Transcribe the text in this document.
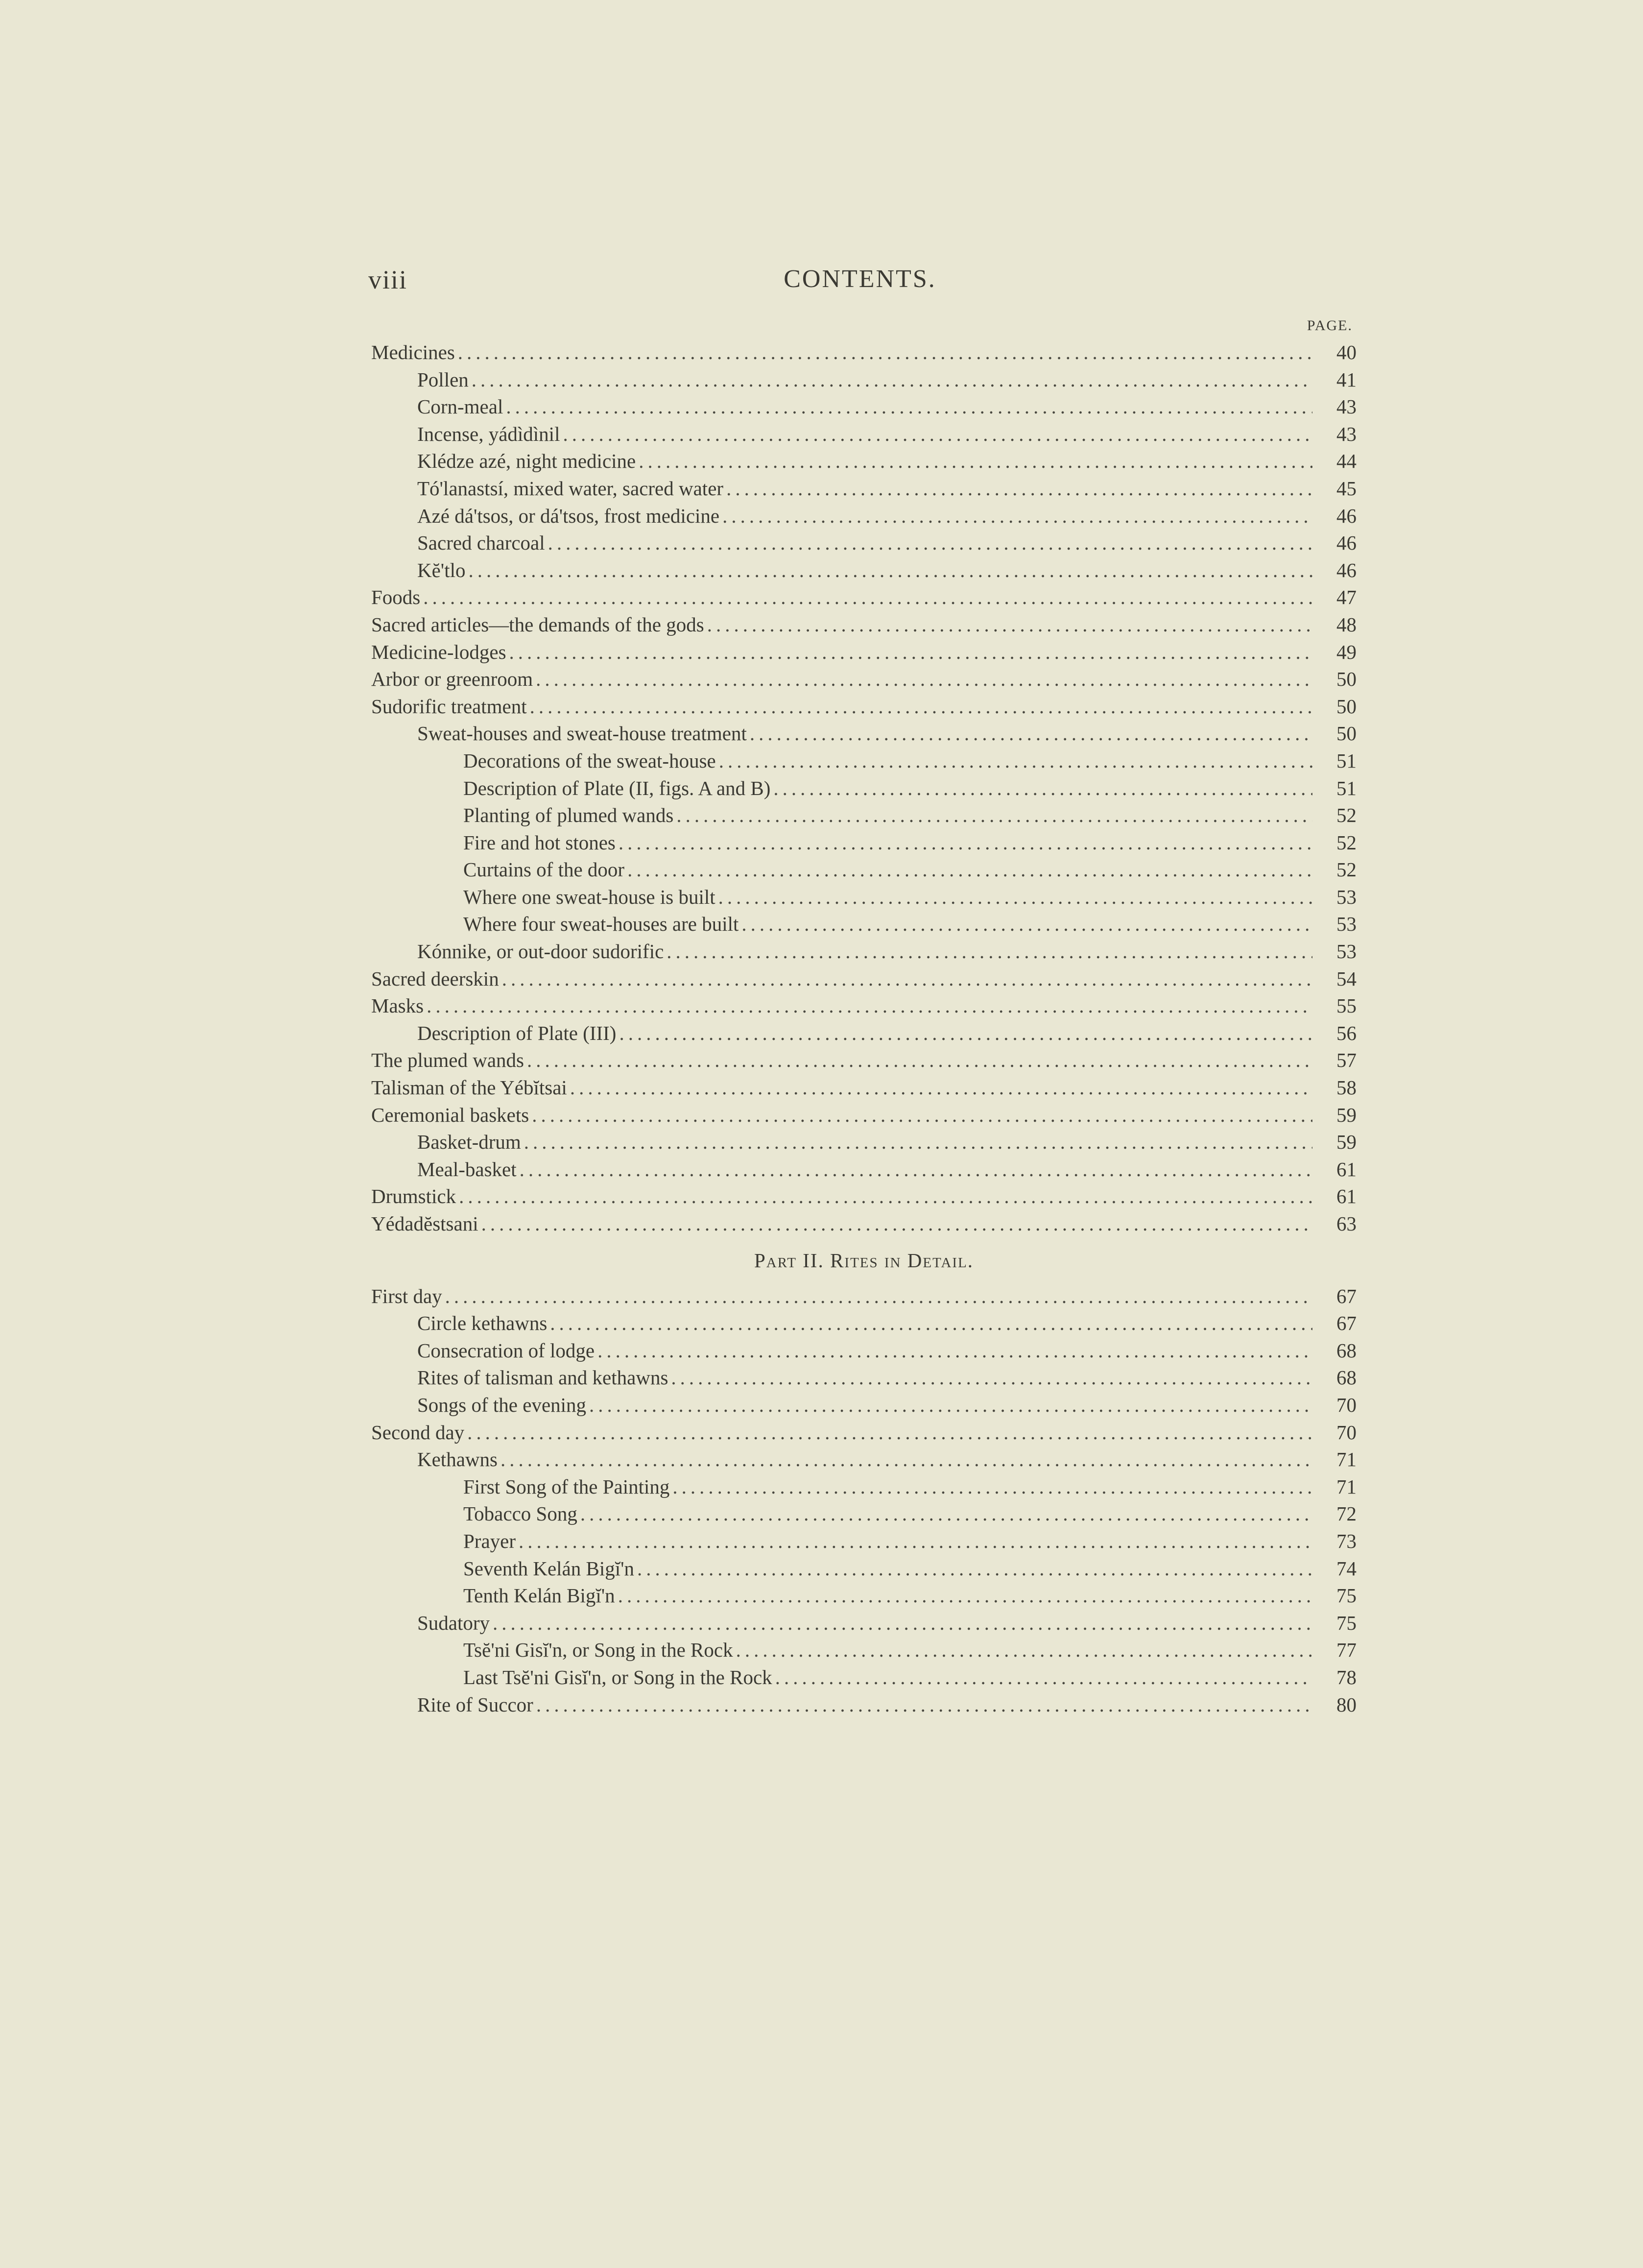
viii	CONTENTS.
PAGE.
Medicines .....	40
Pollen .....	41
Corn-meal .....	43
Incense, yádìdìnil .....	43
Klédze azé, night medicine .....	44
Tó'lanastsí, mixed water, sacred water .....	45
Azé dá'tsos, or dá'tsos, frost medicine .....	46
Sacred charcoal .....	46
Kĕ'tlo .....	46
Foods .....	47
Sacred articles—the demands of the gods .....	48
Medicine-lodges .....	49
Arbor or greenroom .....	50
Sudorific treatment .....	50
Sweat-houses and sweat-house treatment .....	50
Decorations of the sweat-house .....	51
Description of Plate (II, figs. A and B) .....	51
Planting of plumed wands .....	52
Fire and hot stones .....	52
Curtains of the door .....	52
Where one sweat-house is built .....	53
Where four sweat-houses are built .....	53
Kónnike, or out-door sudorific .....	53
Sacred deerskin .....	54
Masks .....	55
Description of Plate (III) .....	56
The plumed wands .....	57
Talisman of the Yébĭtsai .....	58
Ceremonial baskets .....	59
Basket-drum .....	59
Meal-basket .....	61
Drumstick .....	61
Yédadĕstsani .....	63
Part II. Rites in Detail.
First day .....	67
Circle kethawns .....	67
Consecration of lodge .....	68
Rites of talisman and kethawns .....	68
Songs of the evening .....	70
Second day .....	70
Kethawns .....	71
First Song of the Painting .....	71
Tobacco Song .....	72
Prayer .....	73
Seventh Kelán Bigĭ'n .....	74
Tenth Kelán Bigĭ'n .....	75
Sudatory .....	75
Tsĕ'ni Gisĭ'n, or Song in the Rock .....	77
Last Tsĕ'ni Gisĭ'n, or Song in the Rock .....	78
Rite of Succor .....	80
